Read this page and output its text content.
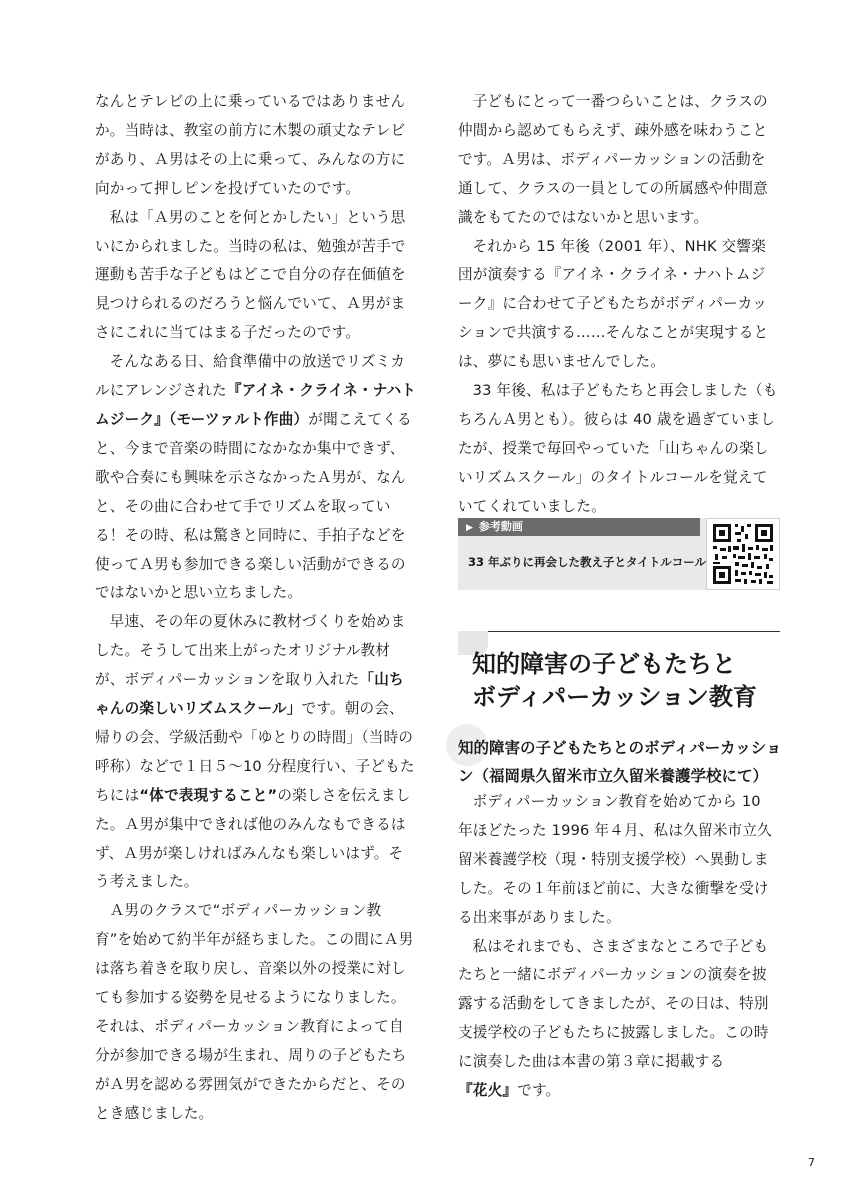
なんとテレビの上に乗っているではありませんか。当時は、教室の前方に木製の頑丈なテレビがあり、Ａ男はその上に乗って、みんなの方に向かって押しピンを投げていたのです。

私は「Ａ男のことを何とかしたい」という思いにかられました。当時の私は、勉強が苦手で運動も苦手な子どもはどこで自分の存在価値を見つけられるのだろうと悩んでいて、Ａ男がまさにこれに当てはまる子だったのです。

そんなある日、給食準備中の放送でリズミカルにアレンジされた『アイネ・クライネ・ナハトムジーク』（モーツァルト作曲）が聞こえてくると、今まで音楽の時間になかなか集中できず、歌や合奏にも興味を示さなかったＡ男が、なんと、その曲に合わせて手でリズムを取っている！その時、私は驚きと同時に、手拍子などを使ってＡ男も参加できる楽しい活動ができるのではないかと思い立ちました。

早速、その年の夏休みに教材づくりを始めました。そうして出来上がったオリジナル教材が、ボディパーカッションを取り入れた「山ちゃんの楽しいリズムスクール」です。朝の会、帰りの会、学級活動や「ゆとりの時間」（当時の呼称）などで１日５～10 分程度行い、子どもたちには“体で表現すること”の楽しさを伝えました。Ａ男が集中できれば他のみんなもできるはず、Ａ男が楽しければみんなも楽しいはず。そう考えました。

Ａ男のクラスで“ボディパーカッション教育”を始めて約半年が経ちました。この間にＡ男は落ち着きを取り戻し、音楽以外の授業に対しても参加する姿勢を見せるようになりました。それは、ボディパーカッション教育によって自分が参加できる場が生まれ、周りの子どもたちがＡ男を認める雰囲気ができたからだと、そのとき感じました。

子どもにとって一番つらいことは、クラスの仲間から認めてもらえず、疎外感を味わうことです。Ａ男は、ボディパーカッションの活動を通して、クラスの一員としての所属感や仲間意識をもてたのではないかと思います。

それから 15 年後（2001 年）、NHK 交響楽団が演奏する『アイネ・クライネ・ナハトムジーク』に合わせて子どもたちがボディパーカッションで共演する……そんなことが実現するとは、夢にも思いませんでした。

33 年後、私は子どもたちと再会しました（もちろんＡ男とも）。彼らは 40 歳を過ぎていましたが、授業で毎回やっていた「山ちゃんの楽しいリズムスクール」のタイトルコールを覚えていてくれていました。

▶ 参考動画
33 年ぶりに再会した教え子とタイトルコール
知的障害の子どもたちと
ボディパーカッション教育
知的障害の子どもたちとのボディパーカッション（福岡県久留米市立久留米養護学校にて）

ボディパーカッション教育を始めてから 10 年ほどたった 1996 年４月、私は久留米市立久留米養護学校（現・特別支援学校）へ異動しました。その１年前ほど前に、大きな衝撃を受ける出来事がありました。

私はそれまでも、さまざまなところで子どもたちと一緒にボディパーカッションの演奏を披露する活動をしてきましたが、その日は、特別支援学校の子どもたちに披露しました。この時に演奏した曲は本書の第３章に掲載する『花火』です。

7
